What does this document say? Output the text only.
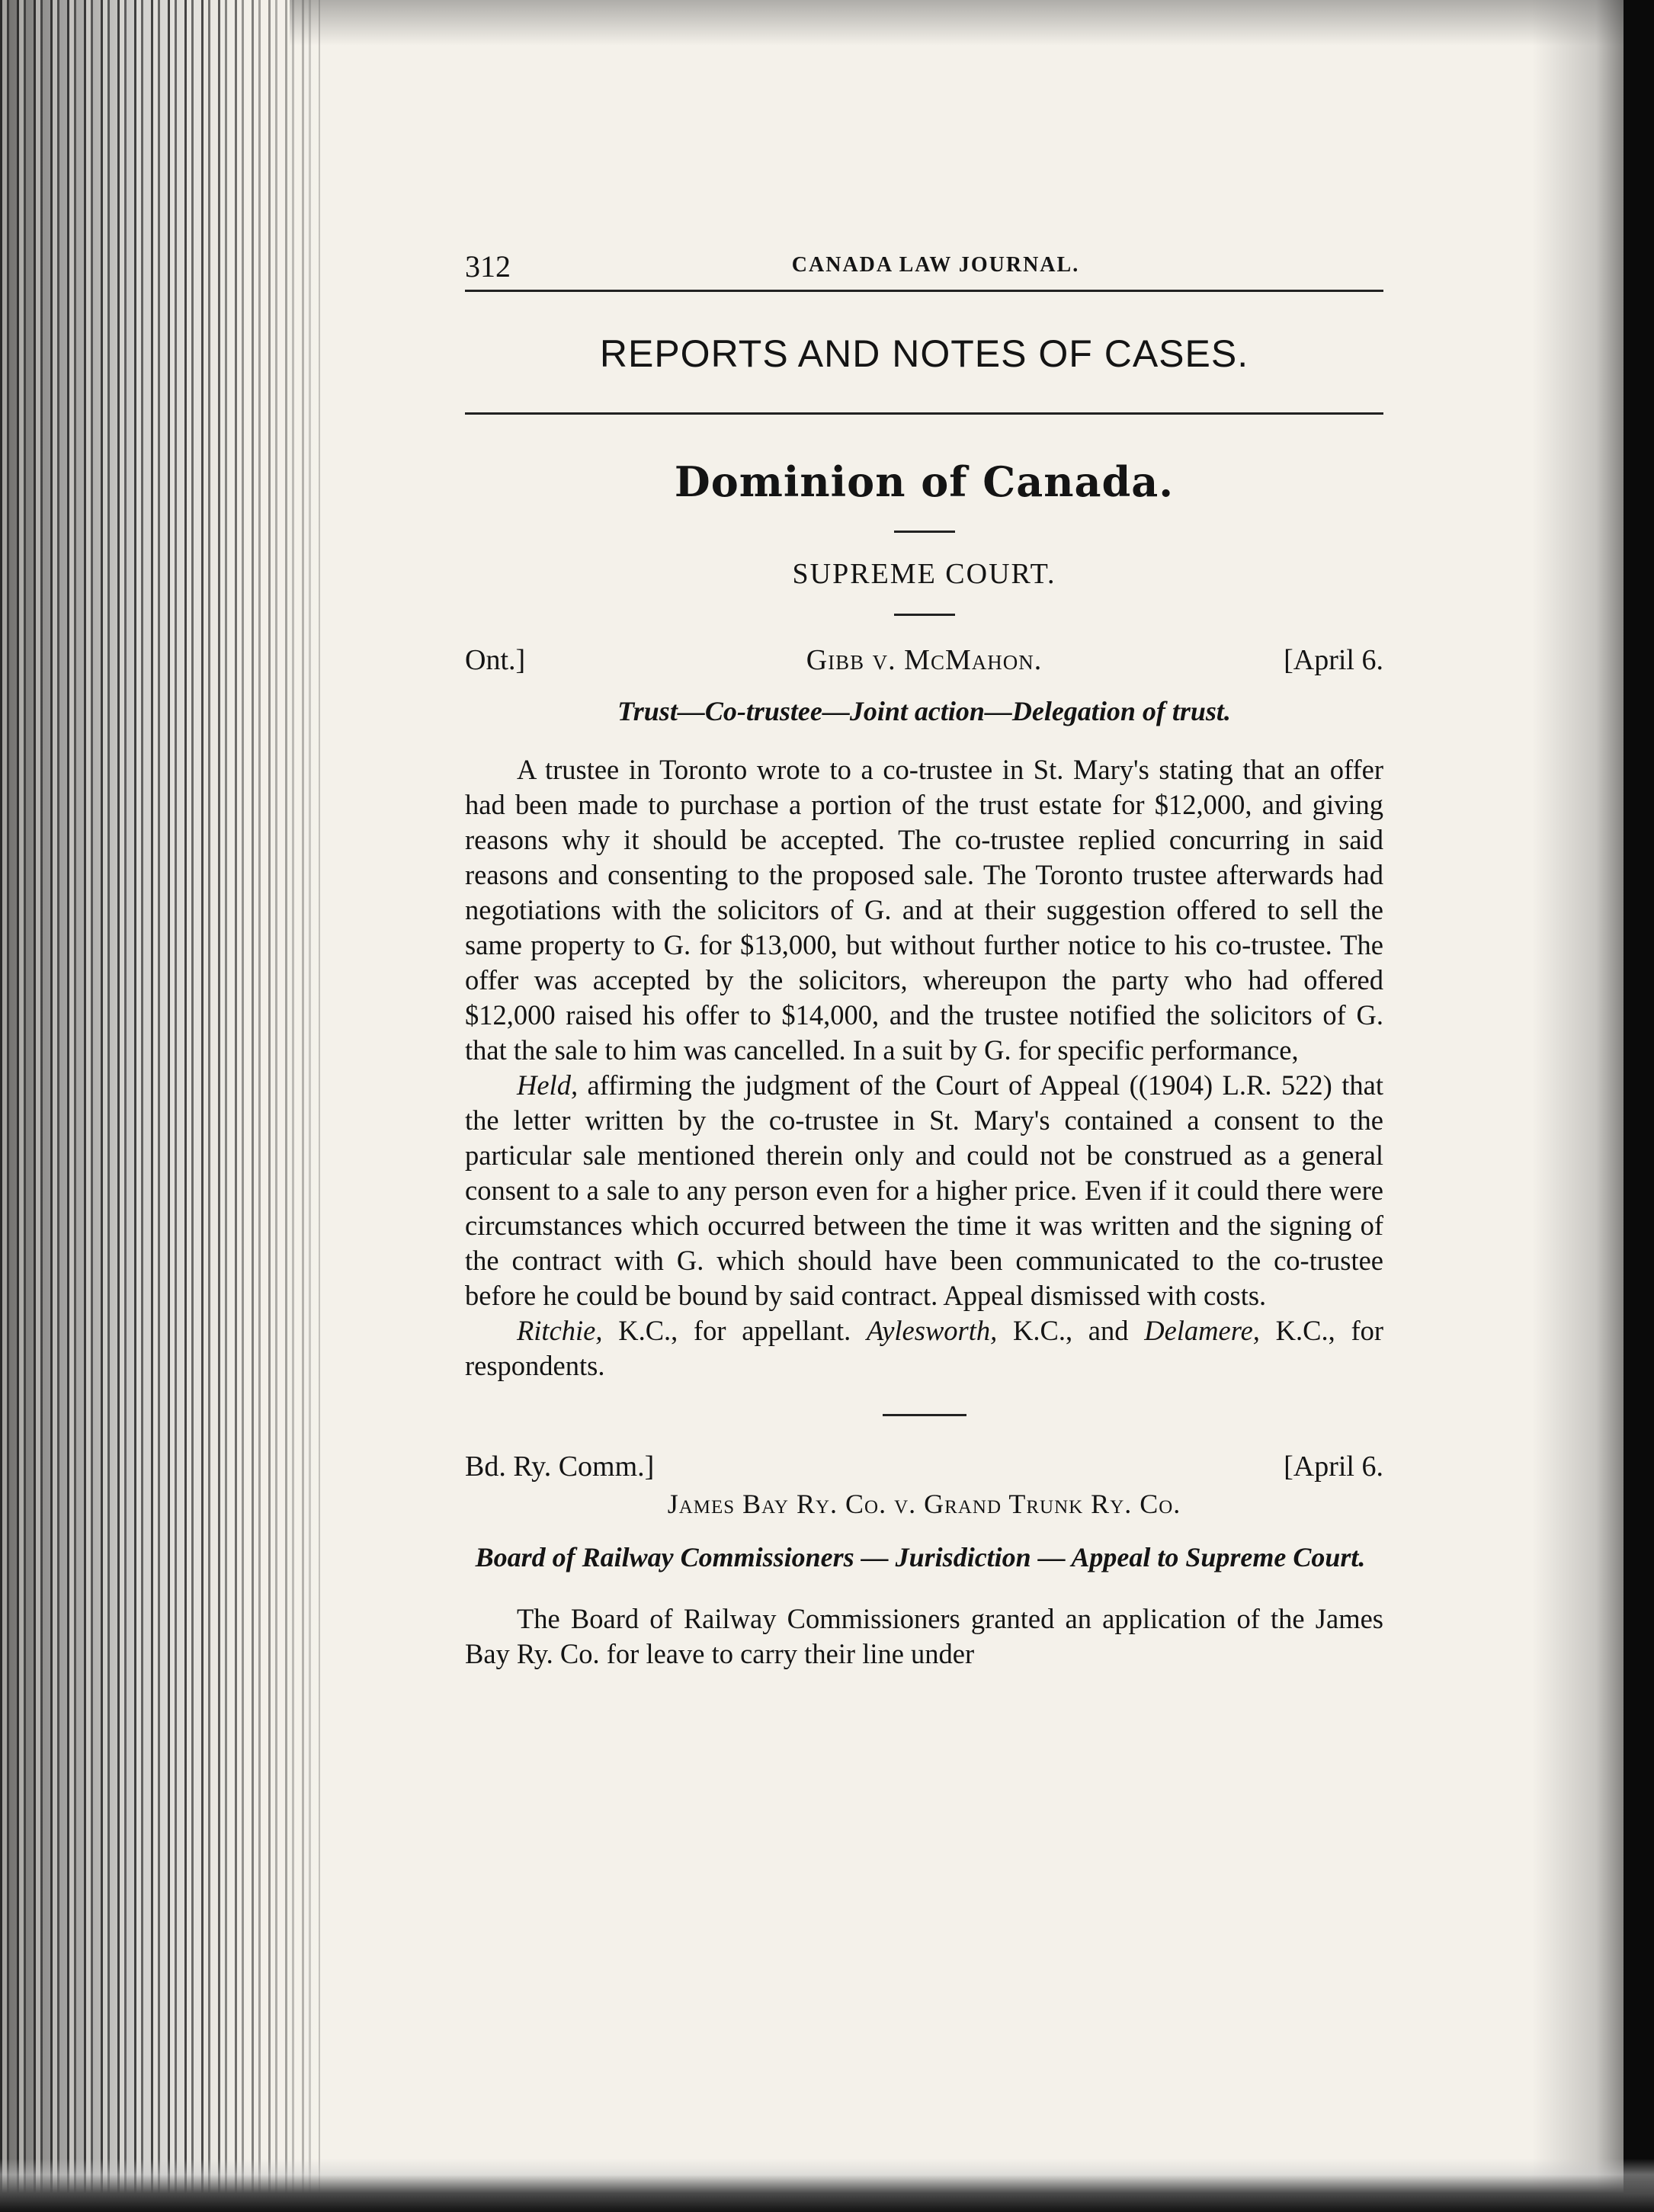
312	CANADA LAW JOURNAL.
REPORTS AND NOTES OF CASES.
Dominion of Canada.
SUPREME COURT.
Ont.]	Gibb v. McMahon.	[April 6.
Trust—Co-trustee—Joint action—Delegation of trust.

A trustee in Toronto wrote to a co-trustee in St. Mary's stating that an offer had been made to purchase a portion of the trust estate for $12,000, and giving reasons why it should be accepted. The co-trustee replied concurring in said reasons and consenting to the proposed sale. The Toronto trustee afterwards had negotiations with the solicitors of G. and at their suggestion offered to sell the same property to G. for $13,000, but without further notice to his co-trustee. The offer was accepted by the solicitors, whereupon the party who had offered $12,000 raised his offer to $14,000, and the trustee notified the solicitors of G. that the sale to him was cancelled. In a suit by G. for specific performance,

Held, affirming the judgment of the Court of Appeal ((1904) L.R. 522) that the letter written by the co-trustee in St. Mary's contained a consent to the particular sale mentioned therein only and could not be construed as a general consent to a sale to any person even for a higher price. Even if it could there were circumstances which occurred between the time it was written and the signing of the contract with G. which should have been communicated to the co-trustee before he could be bound by said contract. Appeal dismissed with costs.

Ritchie, K.C., for appellant. Aylesworth, K.C., and Delamere, K.C., for respondents.

Bd. Ry. Comm.]	[April 6.
James Bay Ry. Co. v. Grand Trunk Ry. Co.
Board of Railway Commissioners — Jurisdiction — Appeal to Supreme Court.

The Board of Railway Commissioners granted an application of the James Bay Ry. Co. for leave to carry their line under
